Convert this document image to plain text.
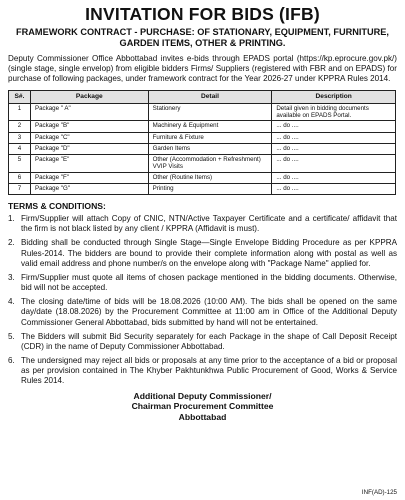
INVITATION FOR BIDS (IFB)
FRAMEWORK CONTRACT - PURCHASE: OF STATIONARY, EQUIPMENT, FURNITURE, GARDEN ITEMS, OTHER & PRINTING.
Deputy Commissioner Office Abbottabad invites e-bids through EPADS portal (https://kp.eprocure.gov.pk/) (single stage, single envelop) from eligible bidders Firms/ Suppliers (registered with FBR and on EPADS) for purchase of following packages, under framework contract for the Year 2026-27 under KPPRA Rules 2014.
S#.	Package	Detail	Description
1	Package " A"	Stationery	Detail given in bidding documents available on EPADS Portal.
2	Package "B"	Machinery & Equipment	... do ....
3	Package "C"	Furniture & Fixture	... do ....
4	Package "D"	Garden Items	... do ....
5	Package "E"	Other (Accommodation + Refreshment) VVIP Visits	... do ....
6	Package "F"	Other (Routine Items)	... do ....
7	Package "G"	Printing	... do ....
TERMS & CONDITIONS:
1. Firm/Supplier will attach Copy of CNIC, NTN/Active Taxpayer Certificate and a certificate/ affidavit that the firm is not black listed by any client / KPPRA (Affidavit is must).
2. Bidding shall be conducted through Single Stage—Single Envelope Bidding Procedure as per KPPRA Rules-2014. The bidders are bound to provide their complete information along with postal as well as valid email address and phone number/s on the envelope along with "Package Name" applied for.
3. Firm/Supplier must quote all items of chosen package mentioned in the bidding documents. Otherwise, bid will not be accepted.
4. The closing date/time of bids will be 18.08.2026 (10:00 AM). The bids shall be opened on the same day/date (18.08.2026) by the Procurement Committee at 11:00 am in Office of the Additional Deputy Commissioner General Abbottabad, bids submitted by hand will not be entertained.
5. The Bidders will submit Bid Security separately for each Package in the shape of Call Deposit Receipt (CDR) in the name of Deputy Commissioner Abbottabad.
6. The undersigned may reject all bids or proposals at any time prior to the acceptance of a bid or proposal as per provision contained in The Khyber Pakhtunkhwa Public Procurement of Good, Works & Service Rules 2014.
Additional Deputy Commissioner/
Chairman Procurement Committee
Abbottabad
INF(AD)-125
